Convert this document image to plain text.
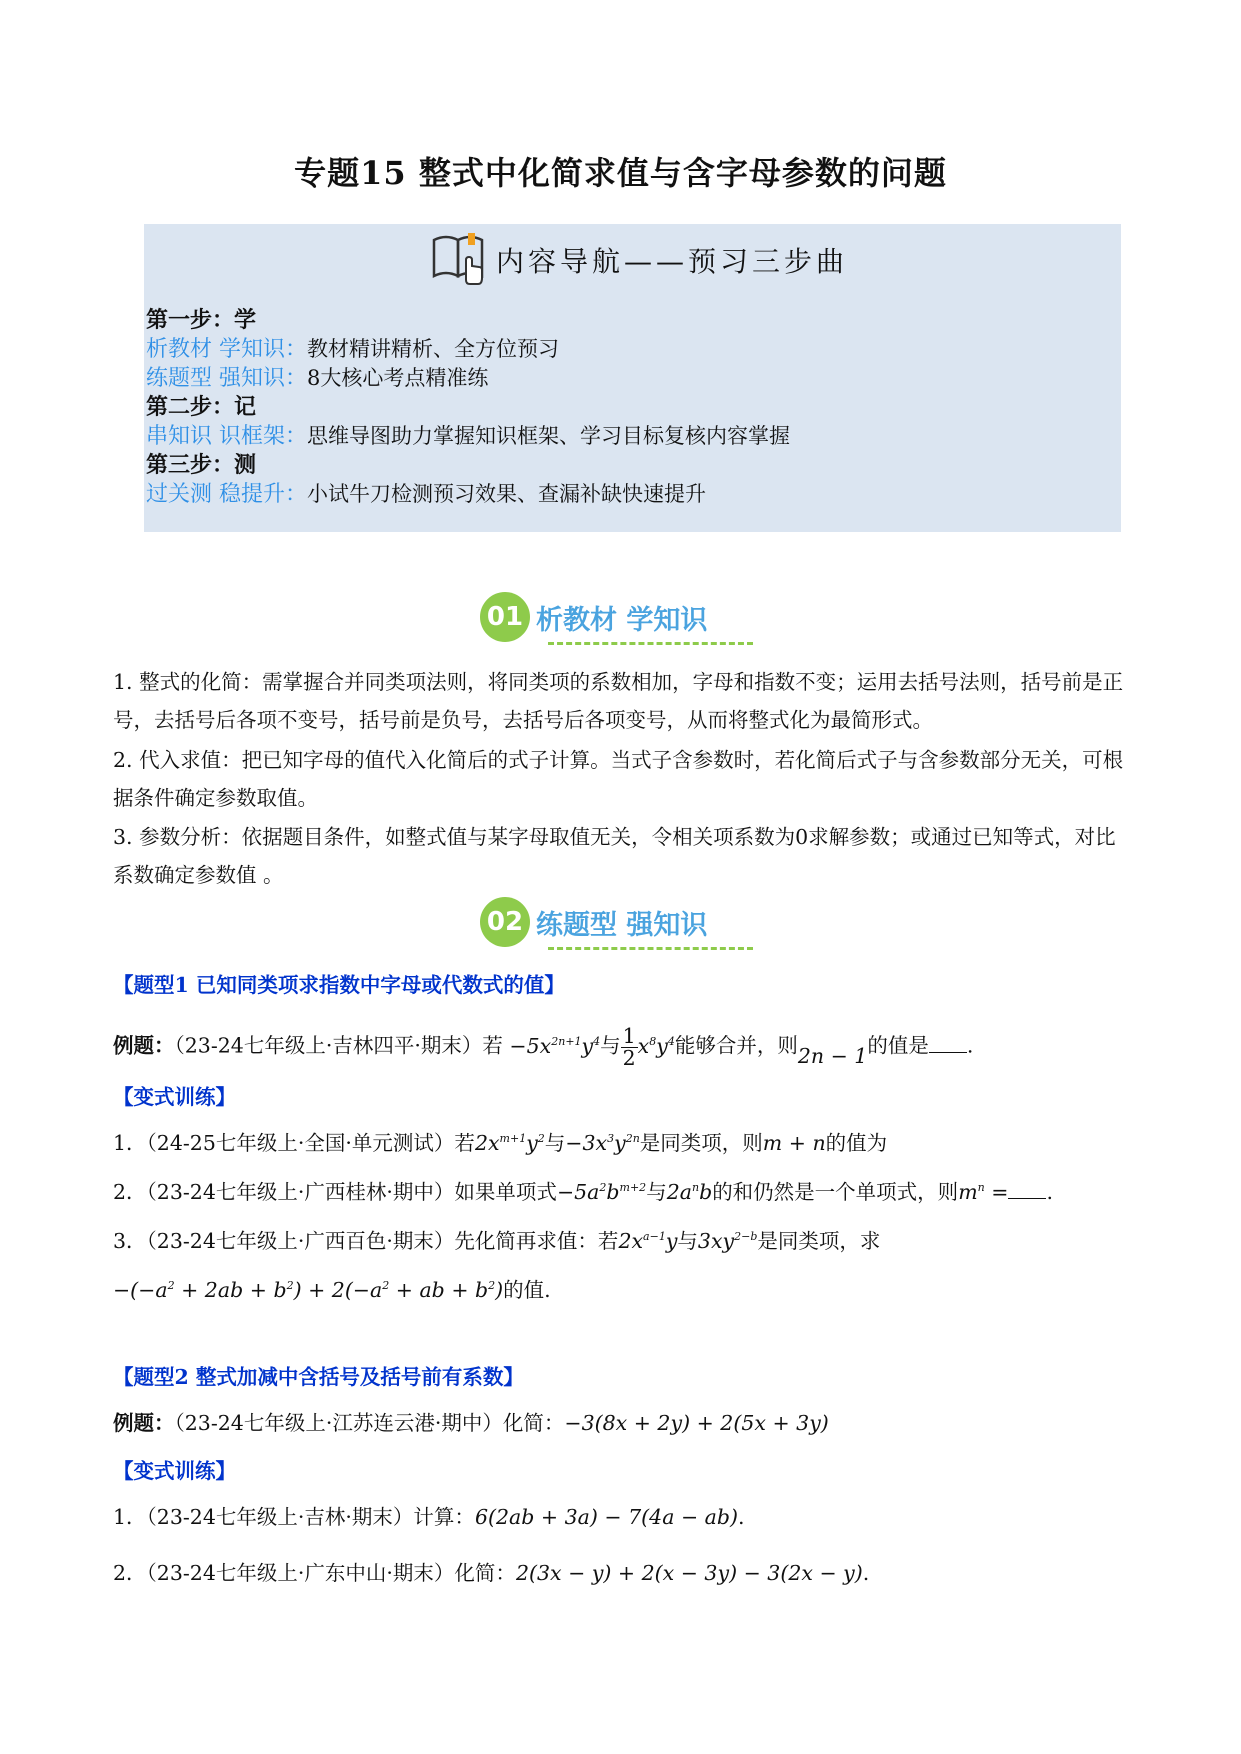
专题15 整式中化简求值与含字母参数的问题
内容导航——预习三步曲
第一步：学
析教材 学知识：教材精讲精析、全方位预习
练题型 强知识：8大核心考点精准练
第二步：记
串知识 识框架：思维导图助力掌握知识框架、学习目标复核内容掌握
第三步：测
过关测 稳提升：小试牛刀检测预习效果、查漏补缺快速提升
01 析教材 学知识
1. 整式的化简：需掌握合并同类项法则，将同类项的系数相加，字母和指数不变；运用去括号法则，括号前是正号，去括号后各项不变号，括号前是负号，去括号后各项变号，从而将整式化为最简形式。
2. 代入求值：把已知字母的值代入化简后的式子计算。当式子含参数时，若化简后式子与含参数部分无关，可根据条件确定参数取值。
3. 参数分析：依据题目条件，如整式值与某字母取值无关，令相关项系数为0求解参数；或通过已知等式，对比系数确定参数值 。
02 练题型 强知识
【题型1 已知同类项求指数中字母或代数式的值】
例题：（23-24七年级上·吉林四平·期末）若 $-5x^{2n+1}y^4$与 $\frac{1}{2} x^8y^4$能够合并，则2n − 1的值是 .
【变式训练】
1．（24-25七年级上·全国·单元测试）若$2x^{m+1}y^2$与$-3x^3y^{2n}$是同类项，则m + n的值为
2．（23-24七年级上·广西桂林·期中）如果单项式$-5a^2b^{m+2}$与$2a^nb$的和仍然是一个单项式，则$m^n$ = .
3．（23-24七年级上·广西百色·期末）先化简再求值：若$2x^{a-1}y$与$3xy^{2-b}$是同类项，求
$-(-a^2 + 2ab + b^2) + 2(-a^2$ + ab + $b^2$)的值.
【题型2 整式加减中含括号及括号前有系数】
例题：（23-24七年级上·江苏连云港·期中）化简：−3(8x + 2y) + 2(5x + 3y)
【变式训练】
1．（23-24七年级上·吉林·期末）计算：6(2ab + 3a) − 7(4a − ab).
2．（23-24七年级上·广东中山·期末）化简：2(3x − y) + 2(x − 3y) − 3(2x − y).
